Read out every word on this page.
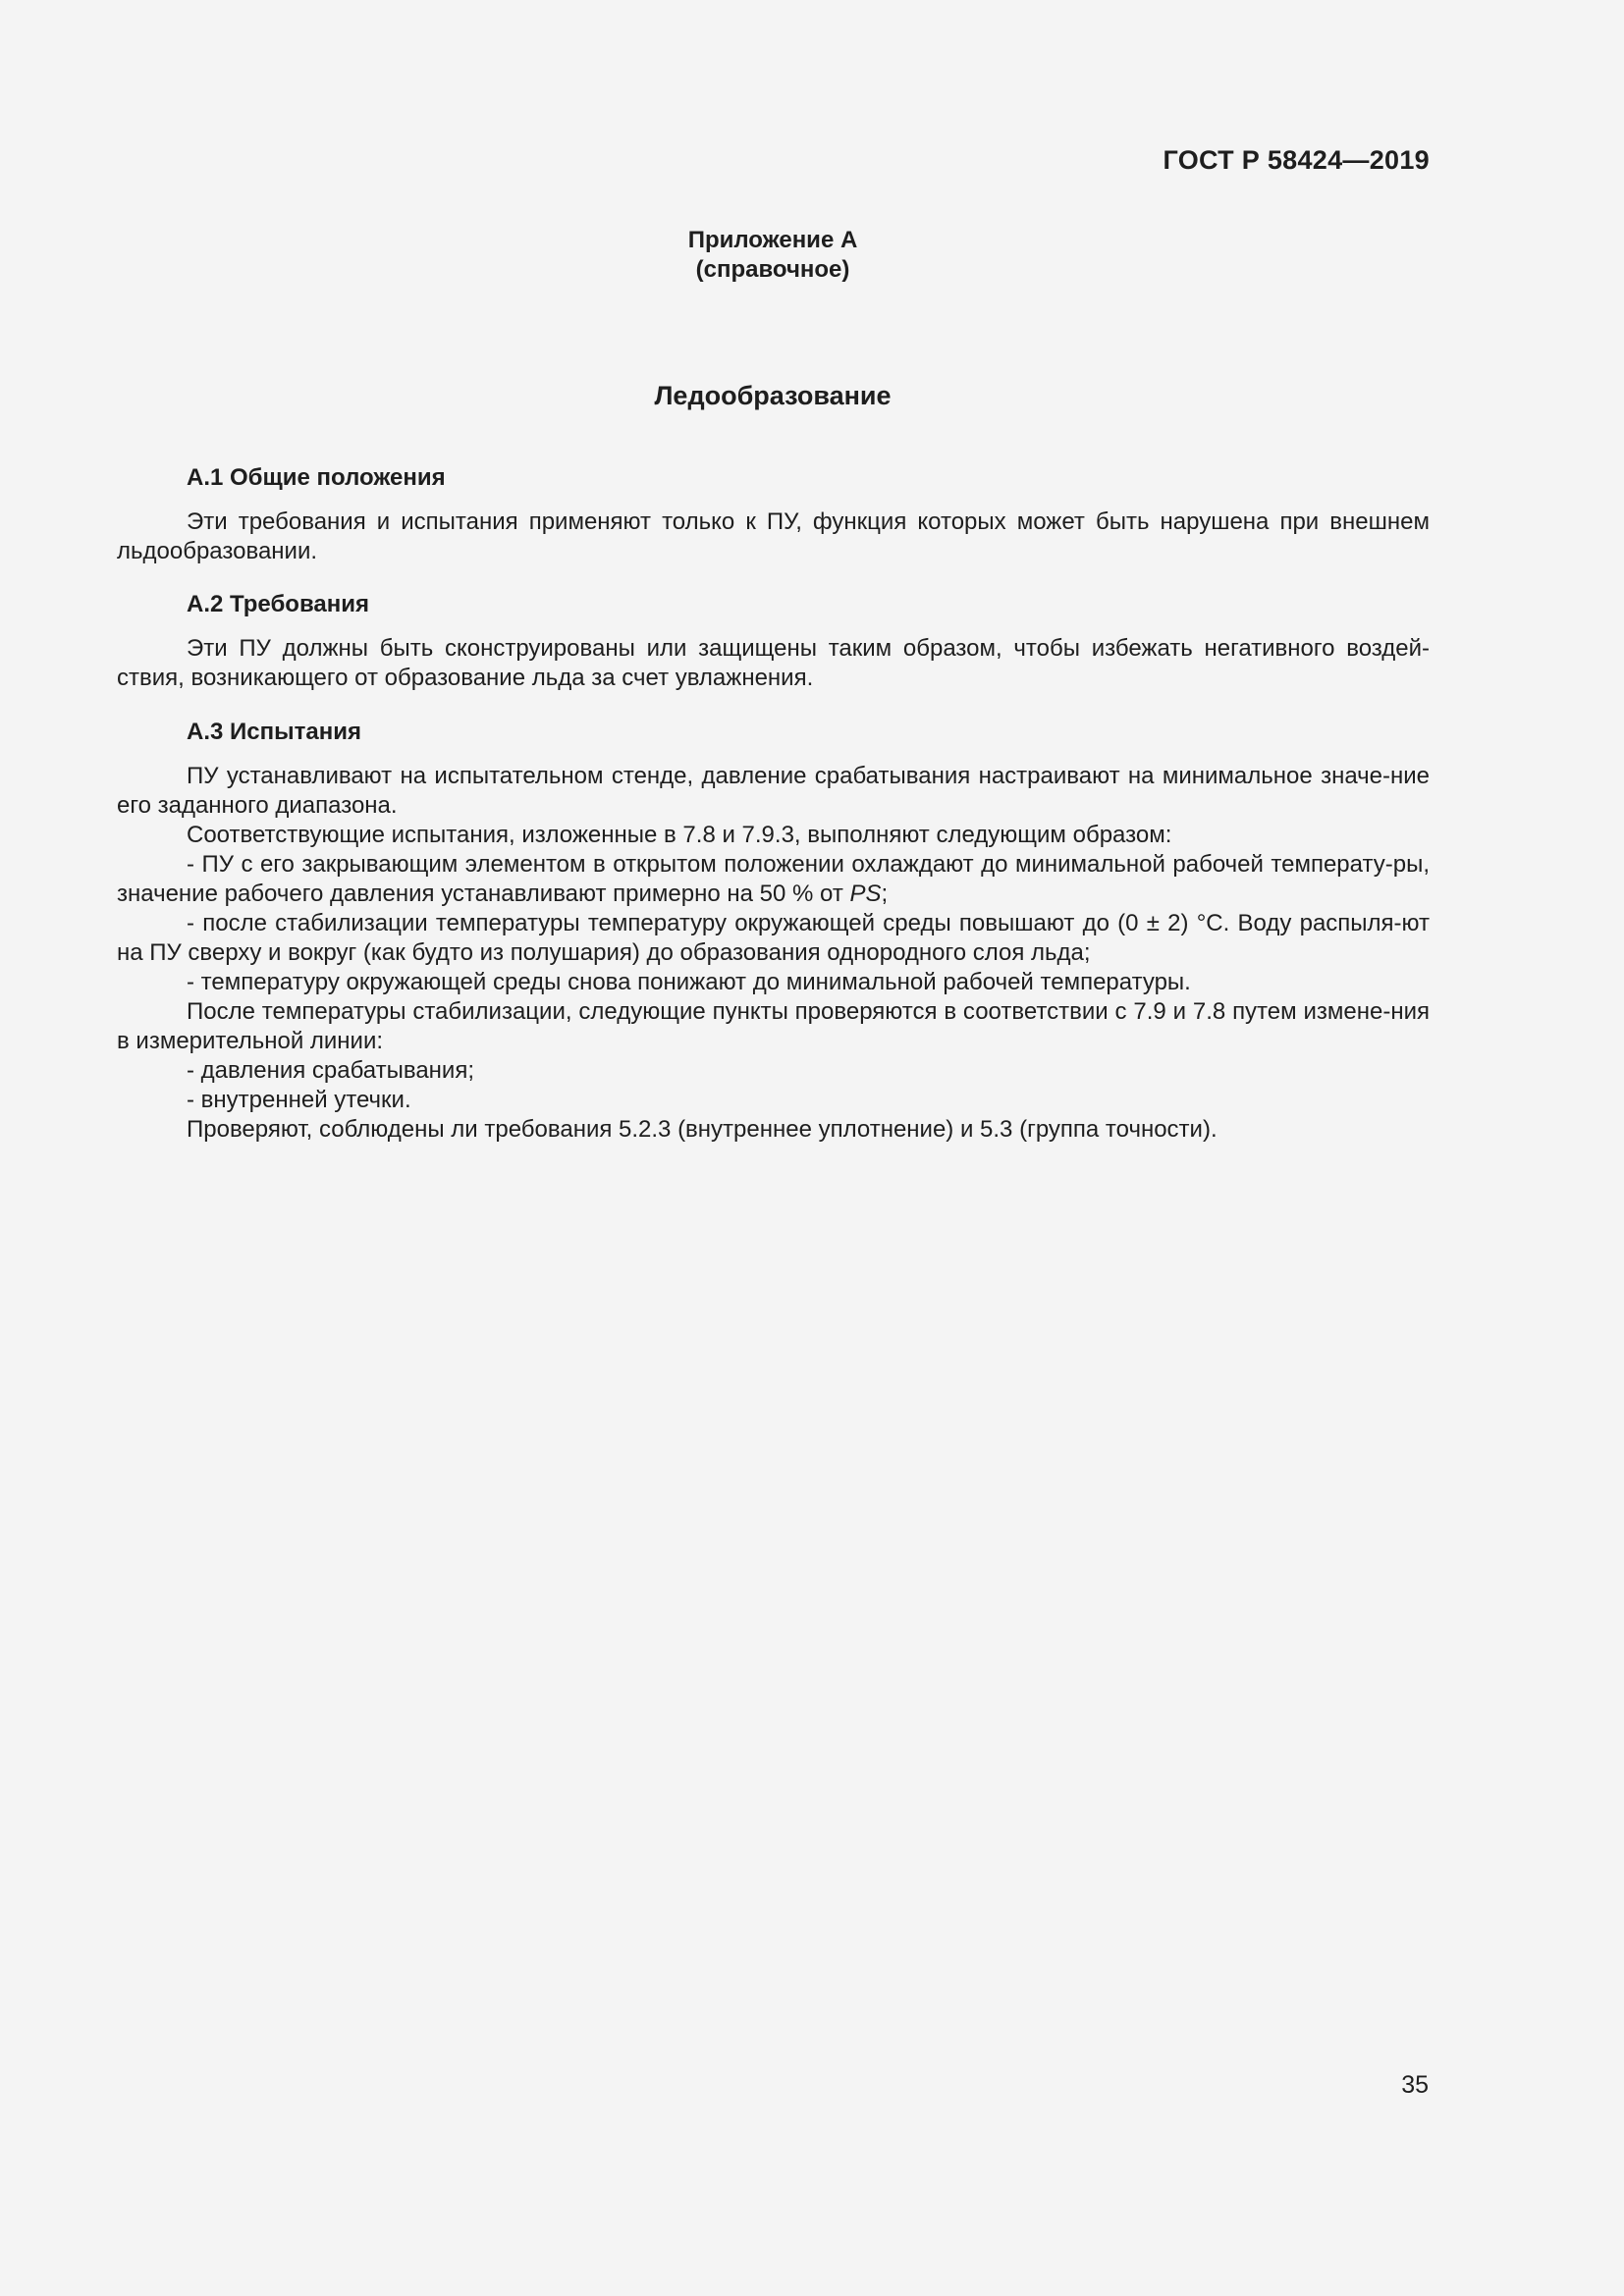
ГОСТ Р 58424—2019
Приложение А
(справочное)
Ледообразование
А.1 Общие положения

Эти требования и испытания применяют только к ПУ, функция которых может быть нарушена при внешнем льдообразовании.

А.2 Требования

Эти ПУ должны быть сконструированы или защищены таким образом, чтобы избежать негативного воздей-ствия, возникающего от образование льда за счет увлажнения.

А.3 Испытания

ПУ устанавливают на испытательном стенде, давление срабатывания настраивают на минимальное значе-ние его заданного диапазона.

Соответствующие испытания, изложенные в 7.8 и 7.9.3, выполняют следующим образом:

- ПУ с его закрывающим элементом в открытом положении охлаждают до минимальной рабочей температу-ры, значение рабочего давления устанавливают примерно на 50 % от PS;

- после стабилизации температуры температуру окружающей среды повышают до (0 ± 2) °С. Воду распыля-ют на ПУ сверху и вокруг (как будто из полушария) до образования однородного слоя льда;

- температуру окружающей среды снова понижают до минимальной рабочей температуры.

После температуры стабилизации, следующие пункты проверяются в соответствии с 7.9 и 7.8 путем измене-ния в измерительной линии:

- давления срабатывания;

- внутренней утечки.

Проверяют, соблюдены ли требования 5.2.3 (внутреннее уплотнение) и 5.3 (группа точности).

35
